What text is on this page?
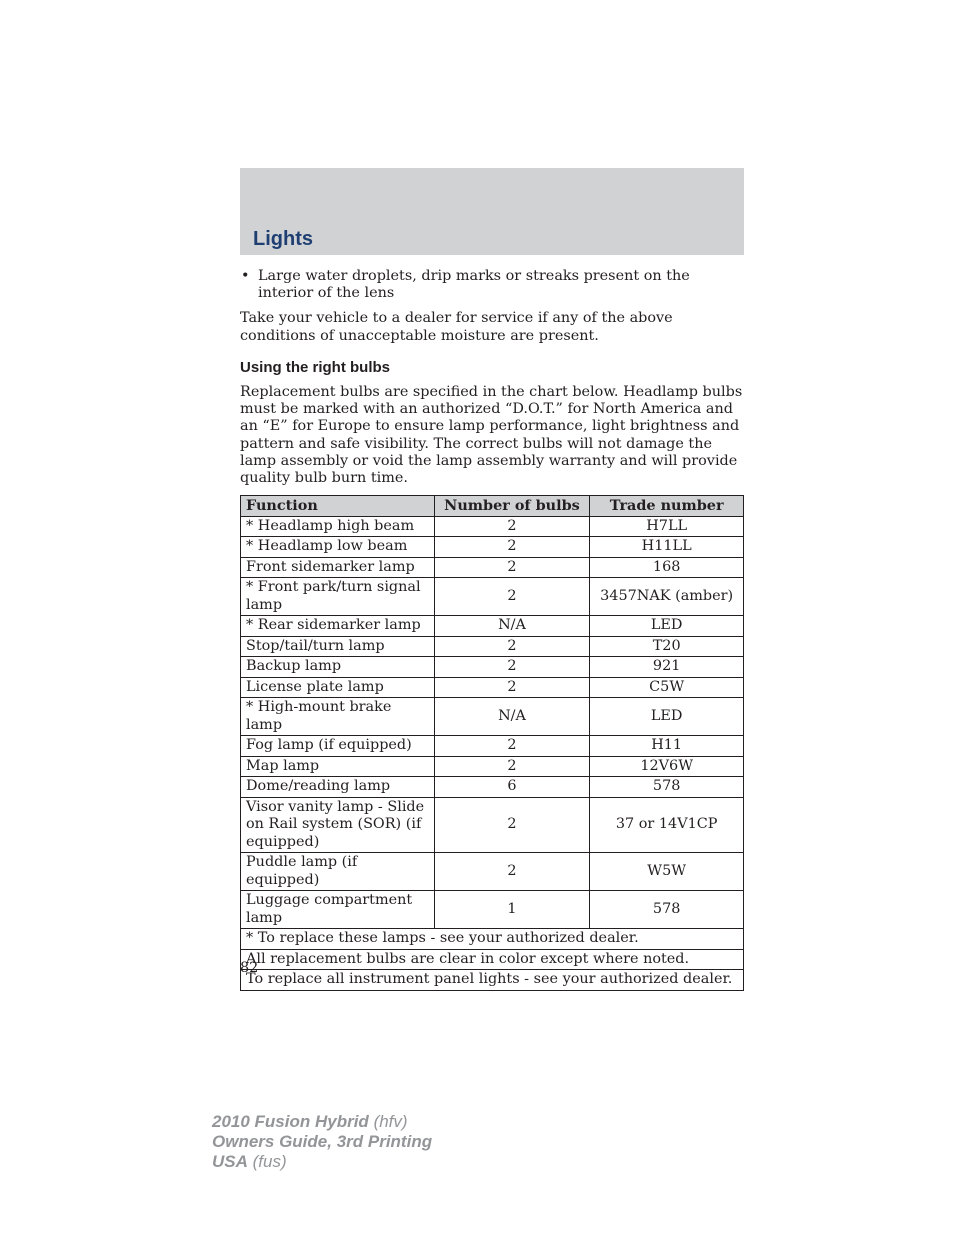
Lights
• Large water droplets, drip marks or streaks present on the interior of the lens

Take your vehicle to a dealer for service if any of the above conditions of unacceptable moisture are present.

Using the right bulbs

Replacement bulbs are specified in the chart below. Headlamp bulbs must be marked with an authorized “D.O.T.” for North America and an “E” for Europe to ensure lamp performance, light brightness and pattern and safe visibility. The correct bulbs will not damage the lamp assembly or void the lamp assembly warranty and will provide quality bulb burn time.

Function	Number of bulbs	Trade number
* Headlamp high beam	2	H7LL
* Headlamp low beam	2	H11LL
Front sidemarker lamp	2	168
* Front park/turn signal lamp	2	3457NAK (amber)
* Rear sidemarker lamp	N/A	LED
Stop/tail/turn lamp	2	T20
Backup lamp	2	921
License plate lamp	2	C5W
* High-mount brake lamp	N/A	LED
Fog lamp (if equipped)	2	H11
Map lamp	2	12V6W
Dome/reading lamp	6	578
Visor vanity lamp - Slide on Rail system (SOR) (if equipped)	2	37 or 14V1CP
Puddle lamp (if equipped)	2	W5W
Luggage compartment lamp	1	578
* To replace these lamps - see your authorized dealer.		
All replacement bulbs are clear in color except where noted.		
To replace all instrument panel lights - see your authorized dealer.		
82
2010 Fusion Hybrid (hfv)
Owners Guide, 3rd Printing
USA (fus)
